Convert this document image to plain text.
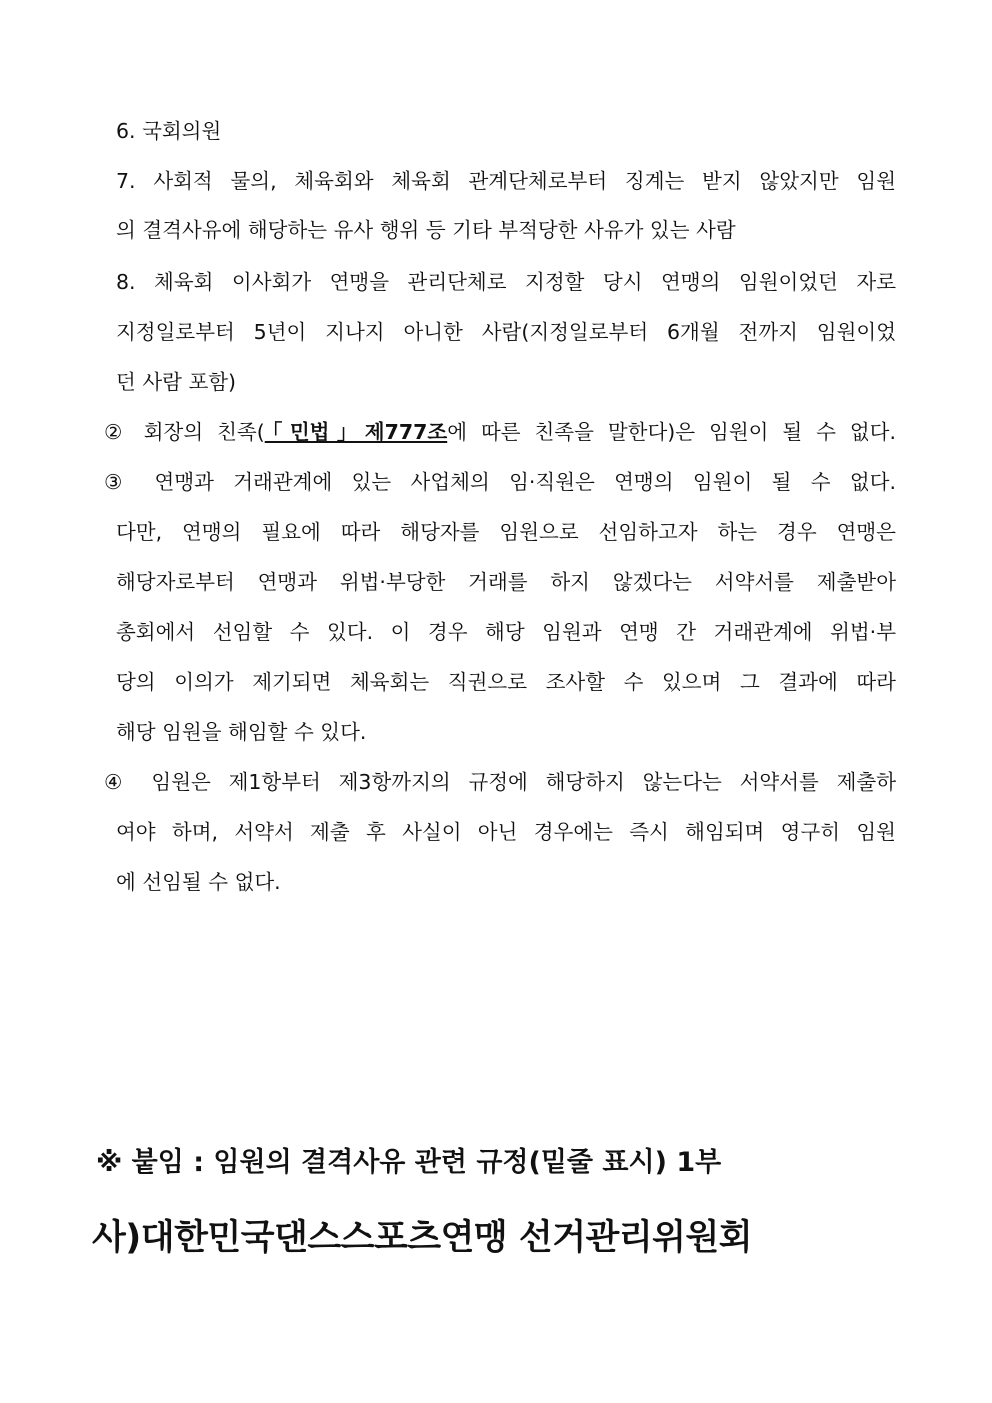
6. 국회의원
7. 사회적 물의, 체육회와 체육회 관계단체로부터 징계는 받지 않았지만 임원
의 결격사유에 해당하는 유사 행위 등 기타 부적당한 사유가 있는 사람
8. 체육회 이사회가 연맹을 관리단체로 지정할 당시 연맹의 임원이었던 자로
지정일로부터 5년이 지나지 아니한 사람(지정일로부터 6개월 전까지 임원이었
던 사람 포함)
② 회장의 친족(「민법」제777조에 따른 친족을 말한다)은 임원이 될 수 없다.
③ 연맹과 거래관계에 있는 사업체의 임·직원은 연맹의 임원이 될 수 없다.
다만, 연맹의 필요에 따라 해당자를 임원으로 선임하고자 하는 경우 연맹은
해당자로부터 연맹과 위법·부당한 거래를 하지 않겠다는 서약서를 제출받아
총회에서 선임할 수 있다. 이 경우 해당 임원과 연맹 간 거래관계에 위법·부
당의 이의가 제기되면 체육회는 직권으로 조사할 수 있으며 그 결과에 따라
해당 임원을 해임할 수 있다.
④ 임원은 제1항부터 제3항까지의 규정에 해당하지 않는다는 서약서를 제출하
여야 하며, 서약서 제출 후 사실이 아닌 경우에는 즉시 해임되며 영구히 임원
에 선임될 수 없다.
※ 붙임 : 임원의 결격사유 관련 규정(밑줄 표시) 1부
사)대한민국댄스스포츠연맹 선거관리위원회
